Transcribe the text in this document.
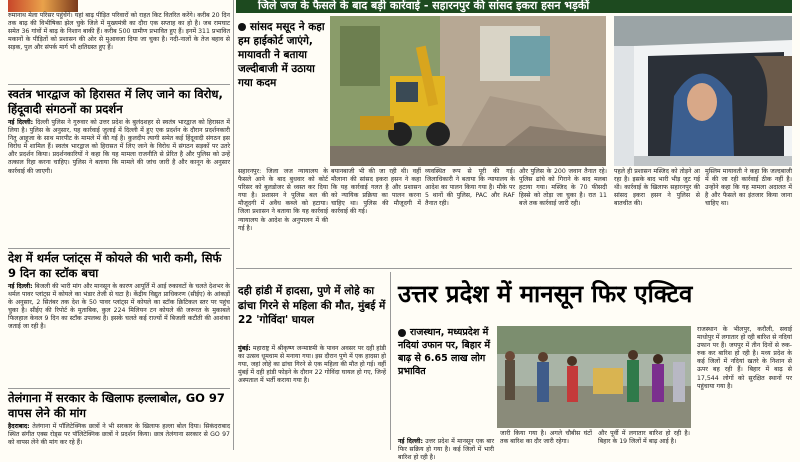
रुमानाथ मेला परिसर पहुंचेंगे। यहां बाढ़ पीड़ित परिवारों को राहत किट वितरित करेंगे। करीब 20 दिन तक बाढ़ की विभीषिका झेल चुके जिले में मुख्यमंत्री का दौरा एक सप्ताह का हो है। जब रामघाट समेत 36 गांवों में बाढ़ के निशान बाकी हैं। करीब 500 ग्रामीण प्रभावित हुए हैं। इनमें 311 प्रभावित मकानों के पीड़ितों को प्रशासन की ओर से मुआवजा दिया जा चुका है। नदी-नालों के तेज बहाव से सड़क, पुल और संपर्क मार्ग भी क्षतिग्रस्त हुए हैं।
स्वतंत्र भारद्वाज को हिरासत में लिए जाने का विरोध, हिंदूवादी संगठनों का प्रदर्शन
नई दिल्ली: दिल्ली पुलिस ने गुरुवार को उत्तर प्रदेश के बुलंदशहर से स्वतंत्र भारद्वाज को हिरासत में लिया है। पुलिस के अनुसार, यह कार्रवाई जुलाई में दिल्ली में हुए एक प्रदर्शन के दौरान प्रदर्शनकारी नितु आहूजा के साथ मारपीट के मामले में की गई है। कुलदीप त्यागी समेत कई हिंदूवादी संगठन इस विरोध में शामिल हैं। स्वतंत्र भारद्वाज को हिरासत में लिए जाने के विरोध में संगठन सड़कों पर उतरे और प्रदर्शन किया। प्रदर्शनकारियों ने कहा कि यह मामला राजनीति से प्रेरित है और पुलिस को उन्हें तत्काल रिहा करना चाहिए। पुलिस ने बताया कि मामले की जांच जारी है और कानून के अनुसार कार्रवाई की जाएगी।
देश में थर्मल प्लांट्स में कोयले की भारी कमी, सिर्फ 9 दिन का स्टॉक बचा
नई दिल्ली: बिजली की भारी मांग और मानसून के कारण आपूर्ति में आई रुकावटों के चलते देशभर के थर्मल पावर प्लांट्स में कोयले का भंडार तेजी से घटा है। केंद्रीय विद्युत प्राधिकरण (सीईए) के आंकड़ों के अनुसार, 2 सितंबर तक देश के 50 पावर प्लांट्स में कोयले का स्टॉक क्रिटिकल स्तर पर पहुंच चुका है। सीईए की रिपोर्ट के मुताबिक, कुल 224 मिलियन टन कोयले की जरूरत के मुकाबले फिलहाल केवल 9 दिन का स्टॉक उपलब्ध है। इसके चलते कई राज्यों में बिजली कटौती की आशंका जताई जा रही है।
तेलंगाना में सरकार के खिलाफ हल्लाबोल, GO 97 वापस लेने की मांग
हैदराबाद: तेलंगाना में पॉलिटेक्निक छात्रों ने भी सरकार के खिलाफ हल्ला बोल दिया। सिकंदराबाद स्थित संगीत एक्स रोड्स पर पॉलिटेक्निक छात्रों ने प्रदर्शन किया। छात्र तेलंगाना सरकार से GO 97 को वापस लेने की मांग कर रहे हैं।
जिले जज के फैसले के बाद बड़ी कार्रवाई - सहारनपुर की सांसद इकरा हसन भड़कीं
सांसद मसूद ने कहा हम हाईकोर्ट जाएंगे, मायावती ने बताया जल्दीबाजी में उठाया गया कदम
सहारनपुर: जिला जज न्यायालय के फैसले आने के बाद बुधवार को कोर्ट परिसर को बुलडोजर से ध्वस्त कर दिया गया है। प्रशासन ने पुलिस बल की मौजूदगी में अवैध कब्जे को हटाया। जिला प्रशासन ने बताया कि यह कार्रवाई न्यायालय के आदेश के अनुपालन में की गई है।
बयानबाजी भी की जा रही थी। वहीं मौलाना की सांसद इकरा हसन ने कहा कि यह कार्रवाई गलत है और प्रशासन को न्यायिक प्रक्रिया का पालन करना चाहिए था। पुलिस की मौजूदगी में कार्रवाई की गई।
व्यवस्थित रूप से पूरी की गई। जिलाधिकारी ने बताया कि न्यायालय के आदेश का पालन किया गया है। मौके पर 5 थानों की पुलिस, PAC और RAF तैनात रही।
और पुलिस के 200 जवान तैनात रहे। पुलिस ढांचे को गिराने के बाद मलबा हटाया गया। मस्जिद के 70 फीसदी हिस्से को तोड़ा जा चुका है। रात 11 बजे तक कार्रवाई जारी रही।
पहले ही प्रशासन मस्जिद को तोड़ने आ रहा है। इसके बाद भारी भीड़ जुट गई थी। कार्रवाई के खिलाफ सहारनपुर की सांसद इकरा हसन ने पुलिस से बातचीत की।
मुस्लिम मायावती ने कहा कि जल्दबाजी में की जा रही कार्रवाई ठीक नहीं है। उन्होंने कहा कि यह मामला अदालत में है और फैसले का इंतजार किया जाना चाहिए था।
दही हांडी में हादसा, पुणे में लोहे का ढांचा गिरने से महिला की मौत, मुंबई में 22 'गोविंदा' घायल
मुंबई: महाराष्ट्र में श्रीकृष्ण जन्माष्टमी के पावन अवसर पर दही हांडी का उत्सव धूमधाम से मनाया गया। इस दौरान पुणे में एक हादसा हो गया, जहां लोहे का ढांचा गिरने से एक महिला की मौत हो गई। वहीं मुंबई में दही हांडी फोड़ने के दौरान 22 गोविंदा घायल हो गए, जिन्हें अस्पताल में भर्ती कराया गया है।
उत्तर प्रदेश में मानसून फिर एक्टिव
राजस्थान, मध्यप्रदेश में नदियां उफान पर, बिहार में बाढ़ से 6.65 लाख लोग प्रभावित
नई दिल्ली: उत्तर प्रदेश में मानसून एक बार फिर सक्रिय हो गया है। कई जिलों में भारी बारिश हो रही है।
जारी किया गया है। अगले चौबीस घंटों तक बारिश का दौर जारी रहेगा।
और पूर्वी में लगातार बारिश हो रही है। बिहार के 19 जिलों में बाढ़ आई है।
राजस्थान के भीलपुर, करौली, सवाई माधोपुर में लगातार हो रही बारिश से नदियां उफान पर हैं। जयपुर में तीन दिनों से रुक-रुक कर बारिश हो रही है। मध्य प्रदेश के कई जिलों में नदियां खतरे के निशान से ऊपर बह रही हैं। बिहार में बाढ़ से 17,544 लोगों को सुरक्षित स्थानों पर पहुंचाया गया है।
